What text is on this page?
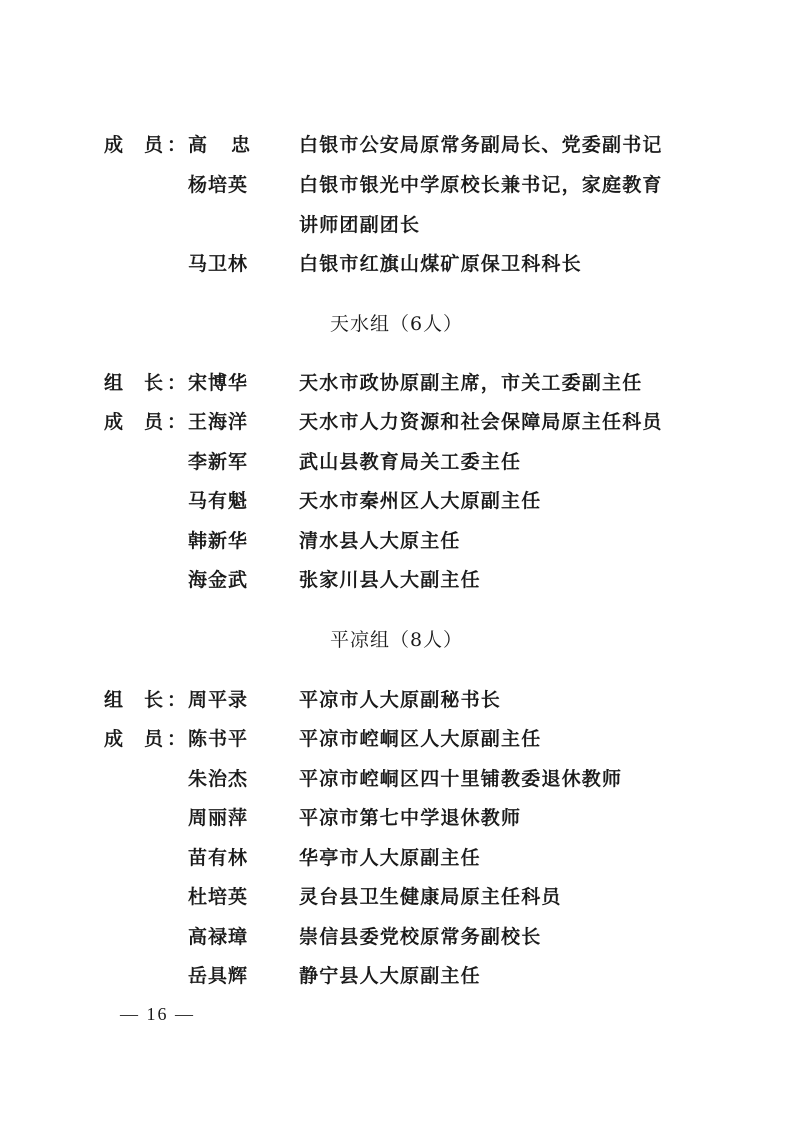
成 员 ： 高忠 白银市公安局原常务副局长、党委副书记
杨培英	白银市银光中学原校长兼书记，家庭教育
讲师团副团长
马卫林	白银市红旗山煤矿原保卫科科长
天水组（6人）
组 长 ： 宋博华	天水市政协原副主席，市关工委副主任
成 员 ： 王海洋	天水市人力资源和社会保障局原主任科员
李新军	武山县教育局关工委主任
马有魁	天水市秦州区人大原副主任
韩新华	清水县人大原主任
海金武	张家川县人大副主任
平凉组（8人）
组 长 ： 周平录	平凉市人大原副秘书长
成 员 ： 陈书平	平凉市崆峒区人大原副主任
朱治杰	平凉市崆峒区四十里铺教委退休教师
周丽萍	平凉市第七中学退休教师
苗有林	华亭市人大原副主任
杜培英	灵台县卫生健康局原主任科员
高禄璋	崇信县委党校原常务副校长
岳具辉	静宁县人大原副主任
— 16 —
